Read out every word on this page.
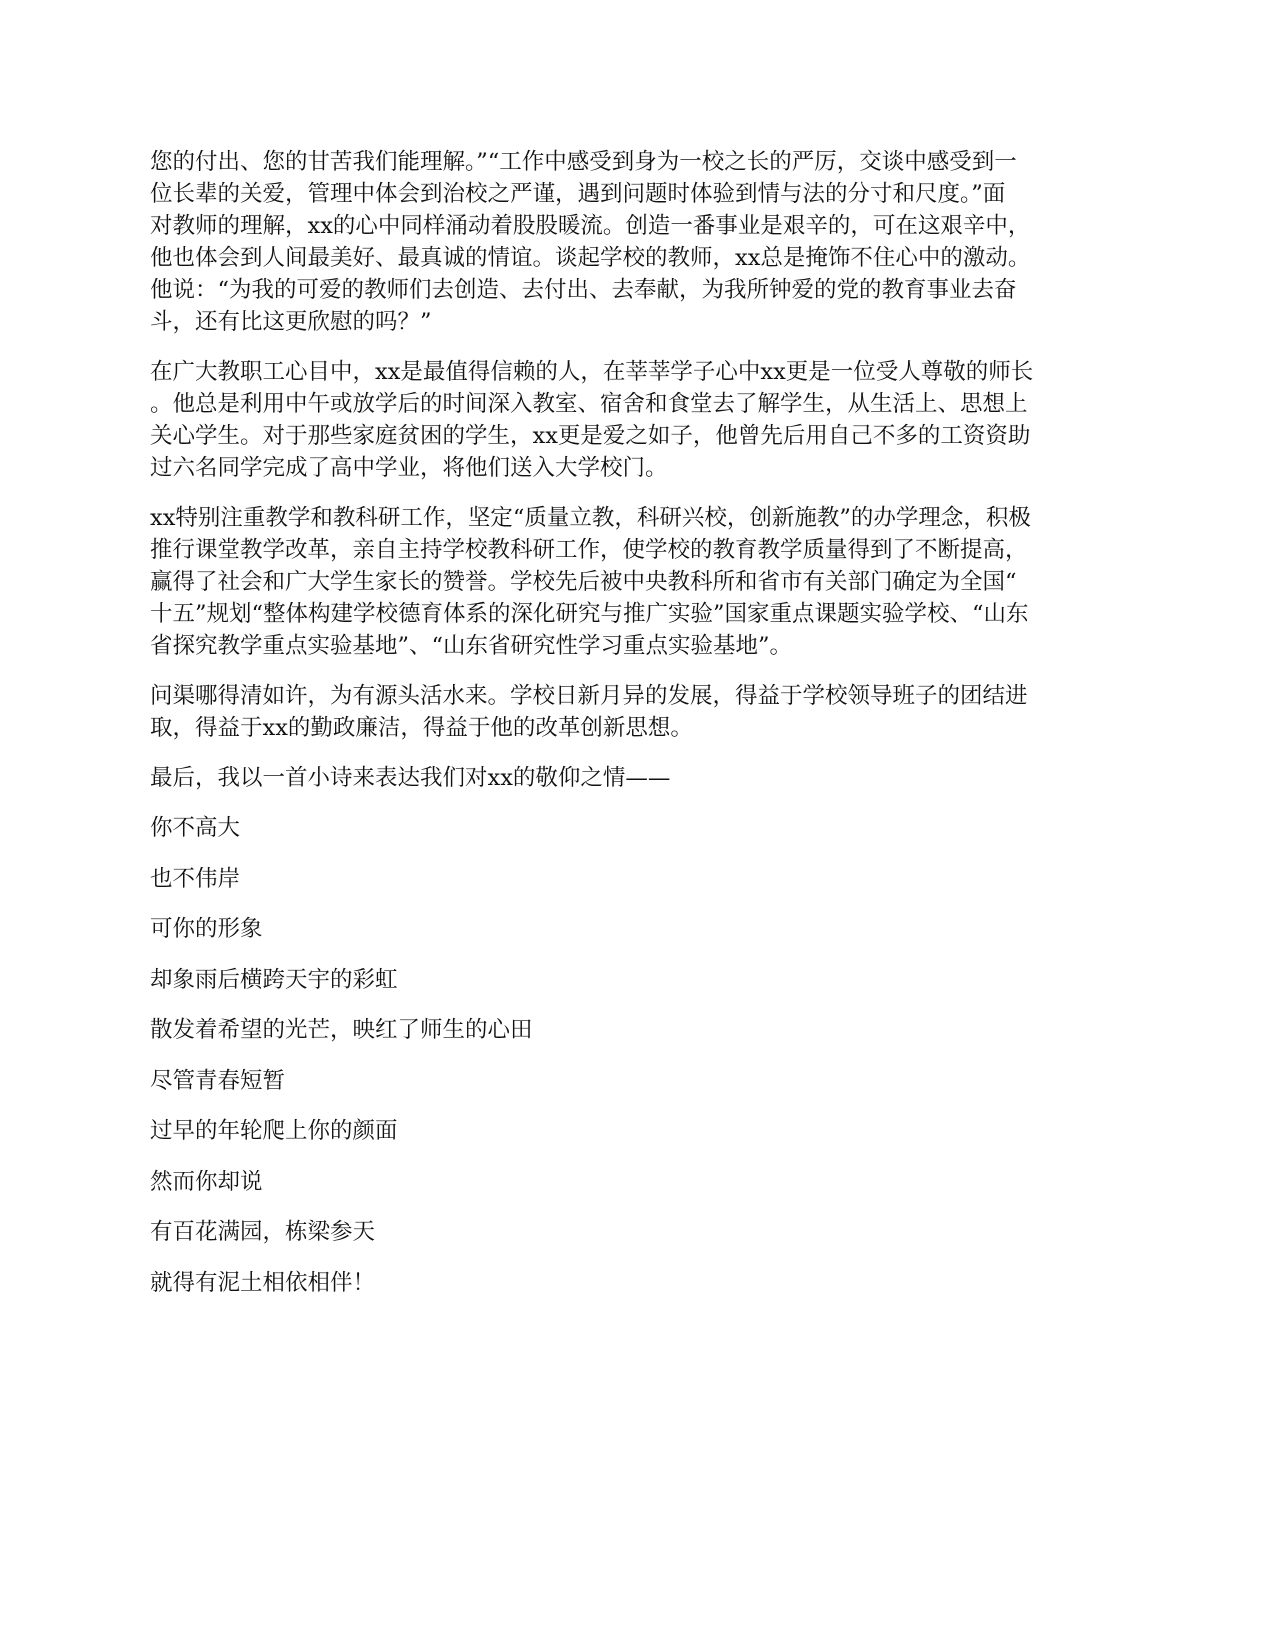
您的付出、您的甘苦我们能理解。”“工作中感受到身为一校之长的严厉，交谈中感受到一
位长辈的关爱，管理中体会到治校之严谨，遇到问题时体验到情与法的分寸和尺度。”面
对教师的理解，xx的心中同样涌动着股股暖流。创造一番事业是艰辛的，可在这艰辛中，
他也体会到人间最美好、最真诚的情谊。谈起学校的教师，xx总是掩饰不住心中的激动。
他说：“为我的可爱的教师们去创造、去付出、去奉献，为我所钟爱的党的教育事业去奋
斗，还有比这更欣慰的吗？”

在广大教职工心目中，xx是最值得信赖的人，在莘莘学子心中xx更是一位受人尊敬的师长
。他总是利用中午或放学后的时间深入教室、宿舍和食堂去了解学生，从生活上、思想上
关心学生。对于那些家庭贫困的学生，xx更是爱之如子，他曾先后用自己不多的工资资助
过六名同学完成了高中学业，将他们送入大学校门。

xx特别注重教学和教科研工作，坚定“质量立教，科研兴校，创新施教”的办学理念，积极
推行课堂教学改革，亲自主持学校教科研工作，使学校的教育教学质量得到了不断提高，
赢得了社会和广大学生家长的赞誉。学校先后被中央教科所和省市有关部门确定为全国“
十五”规划“整体构建学校德育体系的深化研究与推广实验”国家重点课题实验学校、“山东
省探究教学重点实验基地”、“山东省研究性学习重点实验基地”。

问渠哪得清如许，为有源头活水来。学校日新月异的发展，得益于学校领导班子的团结进
取，得益于xx的勤政廉洁，得益于他的改革创新思想。

最后，我以一首小诗来表达我们对xx的敬仰之情——

你不高大

也不伟岸

可你的形象

却象雨后横跨天宇的彩虹

散发着希望的光芒，映红了师生的心田

尽管青春短暂

过早的年轮爬上你的颜面

然而你却说

有百花满园，栋梁参天

就得有泥土相依相伴！
